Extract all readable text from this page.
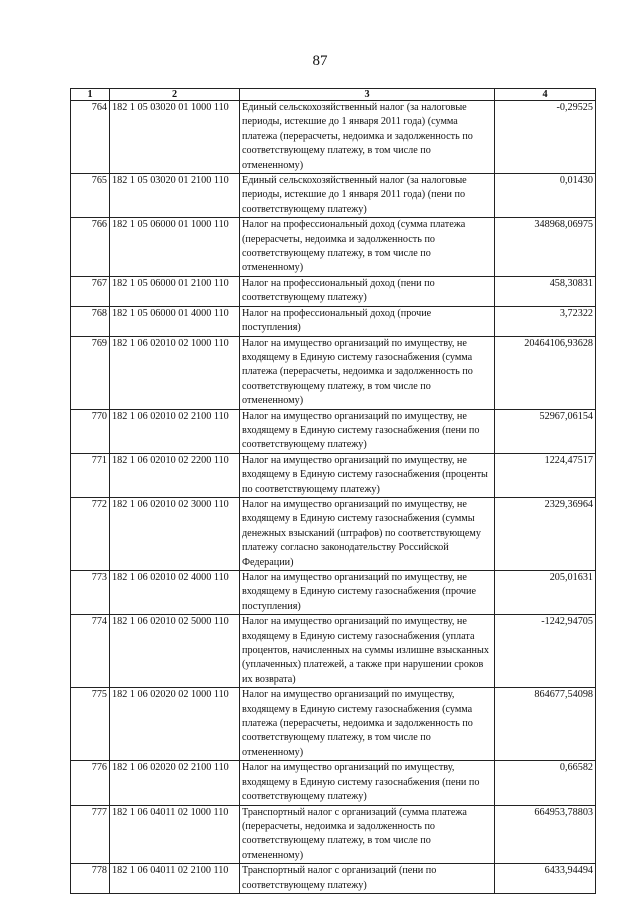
87
1	2	3	4
764	182 1 05 03020 01 1000 110	Единый сельскохозяйственный налог (за налоговые периоды, истекшие до 1 января 2011 года) (сумма платежа (перерасчеты, недоимка и задолженность по соответствующему платежу, в том числе по отмененному)	-0,29525
765	182 1 05 03020 01 2100 110	Единый сельскохозяйственный налог (за налоговые периоды, истекшие до 1 января 2011 года) (пени по соответствующему платежу)	0,01430
766	182 1 05 06000 01 1000 110	Налог на профессиональный доход (сумма платежа (перерасчеты, недоимка и задолженность по соответствующему платежу, в том числе по отмененному)	348968,06975
767	182 1 05 06000 01 2100 110	Налог на профессиональный доход (пени по соответствующему платежу)	458,30831
768	182 1 05 06000 01 4000 110	Налог на профессиональный доход (прочие поступления)	3,72322
769	182 1 06 02010 02 1000 110	Налог на имущество организаций по имуществу, не входящему в Единую систему газоснабжения (сумма платежа (перерасчеты, недоимка и задолженность по соответствующему платежу, в том числе по отмененному)	20464106,93628
770	182 1 06 02010 02 2100 110	Налог на имущество организаций по имуществу, не входящему в Единую систему газоснабжения (пени по соответствующему платежу)	52967,06154
771	182 1 06 02010 02 2200 110	Налог на имущество организаций по имуществу, не входящему в Единую систему газоснабжения (проценты по соответствующему платежу)	1224,47517
772	182 1 06 02010 02 3000 110	Налог на имущество организаций по имуществу, не входящему в Единую систему газоснабжения (суммы денежных взысканий (штрафов) по соответствующему платежу согласно законодательству Российской Федерации)	2329,36964
773	182 1 06 02010 02 4000 110	Налог на имущество организаций по имуществу, не входящему в Единую систему газоснабжения (прочие поступления)	205,01631
774	182 1 06 02010 02 5000 110	Налог на имущество организаций по имуществу, не входящему в Единую систему газоснабжения (уплата процентов, начисленных на суммы излишне взысканных (уплаченных) платежей, а также при нарушении сроков их возврата)	-1242,94705
775	182 1 06 02020 02 1000 110	Налог на имущество организаций по имуществу, входящему в Единую систему газоснабжения (сумма платежа (перерасчеты, недоимка и задолженность по соответствующему платежу, в том числе по отмененному)	864677,54098
776	182 1 06 02020 02 2100 110	Налог на имущество организаций по имуществу, входящему в Единую систему газоснабжения (пени по соответствующему платежу)	0,66582
777	182 1 06 04011 02 1000 110	Транспортный налог с организаций (сумма платежа (перерасчеты, недоимка и задолженность по соответствующему платежу, в том числе по отмененному)	664953,78803
778	182 1 06 04011 02 2100 110	Транспортный налог с организаций (пени по соответствующему платежу)	6433,94494
